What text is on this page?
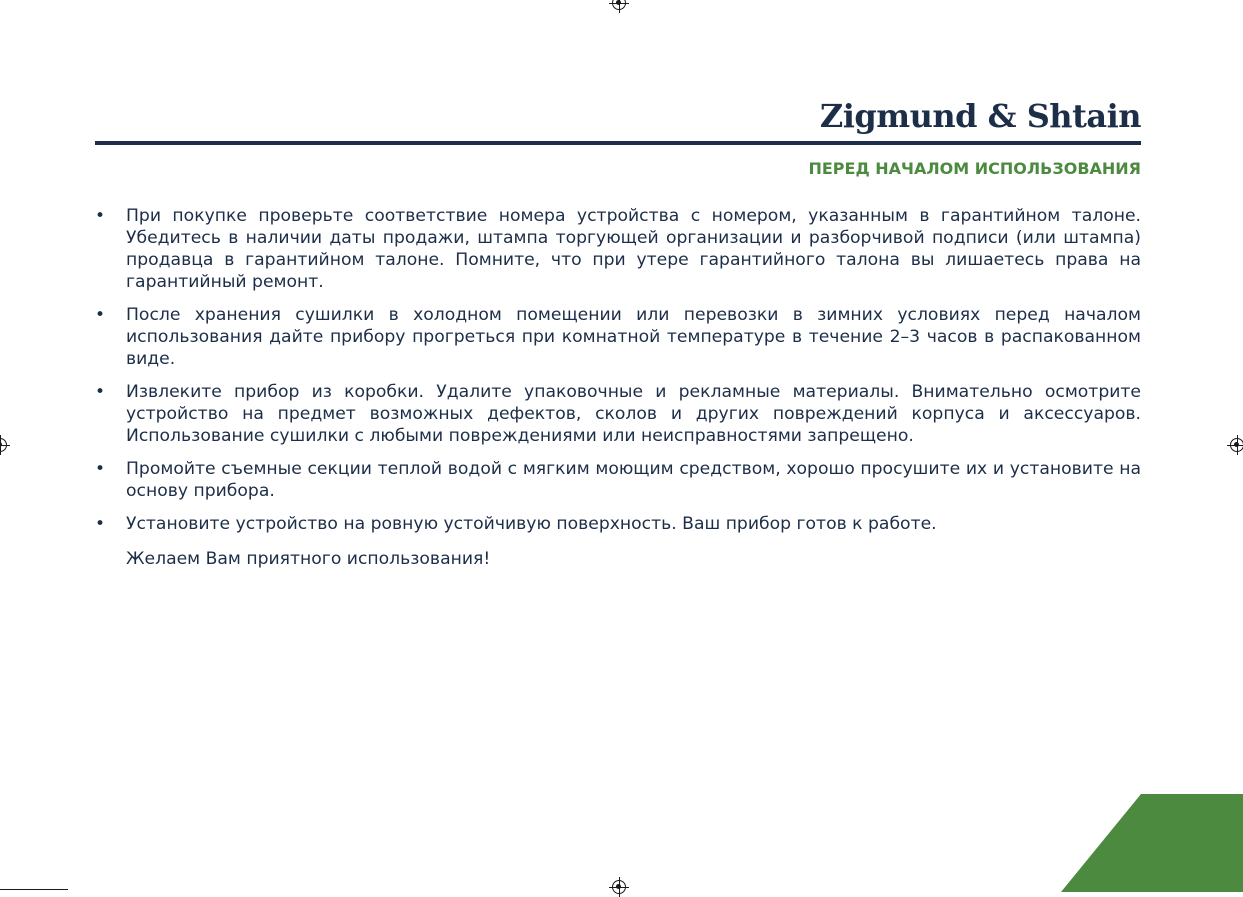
Zigmund & Shtain
ПЕРЕД НАЧАЛОМ ИСПОЛЬЗОВАНИЯ
• При покупке проверьте соответствие номера устройства с номером, указанным в гарантийном талоне. Убедитесь в наличии даты продажи, штампа торгующей организации и разборчивой подписи (или штампа) продавца в гарантийном талоне. Помните, что при утере гарантийного талона вы лишаетесь права на гарантийный ремонт.
• После хранения сушилки в холодном помещении или перевозки в зимних условиях перед началом использования дайте прибору прогреться при комнатной температуре в течение 2–3 часов в распакованном виде.
• Извлеките прибор из коробки. Удалите упаковочные и рекламные материалы. Внимательно осмотрите устройство на предмет возможных дефектов, сколов и других повреждений корпуса и аксессуаров. Использование сушилки с любыми повреждениями или неисправностями запрещено.
• Промойте съемные секции теплой водой с мягким моющим средством, хорошо просушите их и установите на основу прибора.
• Установите устройство на ровную устойчивую поверхность. Ваш прибор готов к работе.
Желаем Вам приятного использования!
